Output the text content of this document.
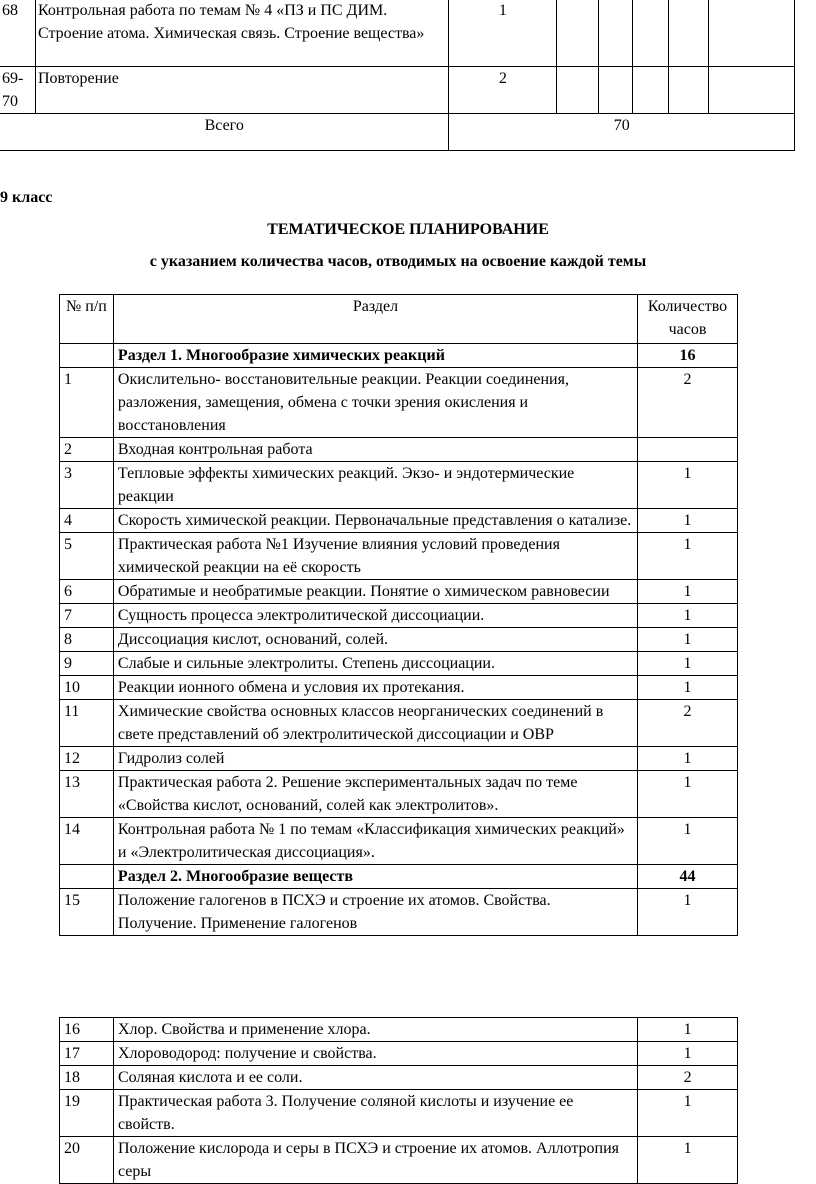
68	Контрольная работа по темам № 4 «ПЗ и ПС ДИМ. Строение атома. Химическая связь. Строение вещества»	1					
69-70	Повторение	2					
Всего		70					
9 класс
ТЕМАТИЧЕСКОЕ ПЛАНИРОВАНИЕ
с указанием количества часов, отводимых на освоение каждой темы
№ п/п	Раздел	Количество часов
	Раздел 1. Многообразие химических реакций	16
1	Окислительно- восстановительные реакции. Реакции соединения, разложения, замещения, обмена с точки зрения окисления и восстановления	2
2	Входная контрольная работа	
3	Тепловые эффекты химических реакций. Экзо- и эндотермические реакции	1
4	Скорость химической реакции. Первоначальные представления о катализе.	1
5	Практическая работа №1 Изучение влияния условий проведения химической реакции на её скорость	1
6	Обратимые и необратимые реакции. Понятие о химическом равновесии	1
7	Сущность процесса электролитической диссоциации.	1
8	Диссоциация кислот, оснований, солей.	1
9	Слабые и сильные электролиты. Степень диссоциации.	1
10	Реакции ионного обмена и условия их протекания.	1
11	Химические свойства основных классов неорганических соединений в свете представлений об электролитической диссоциации и ОВР	2
12	Гидролиз солей	1
13	Практическая работа 2. Решение экспериментальных задач по теме «Свойства кислот, оснований, солей как электролитов».	1
14	Контрольная работа № 1 по темам «Классификация химических реакций» и «Электролитическая диссоциация».	1
	Раздел 2. Многообразие веществ	44
15	Положение галогенов в ПСХЭ и строение их атомов. Свойства. Получение. Применение галогенов	1
16	Хлор. Свойства и применение хлора.	1
17	Хлороводород: получение и свойства.	1
18	Соляная кислота и ее соли.	2
19	Практическая работа 3. Получение соляной кислоты и изучение ее свойств.	1
20	Положение кислорода и серы в ПСХЭ и строение их атомов. Аллотропия серы	1
